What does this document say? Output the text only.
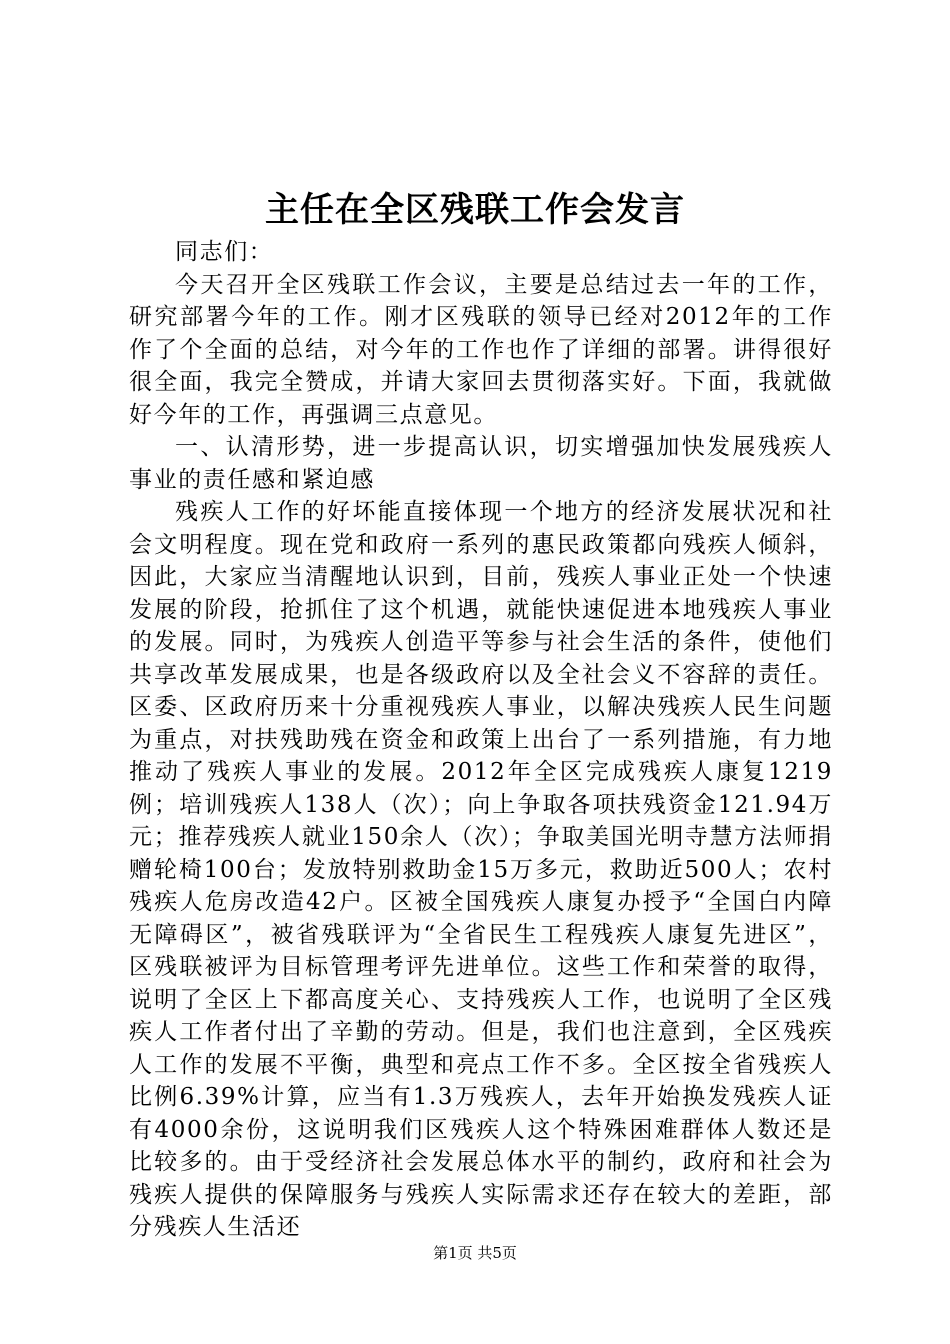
主任在全区残联工作会发言

同志们：

今天召开全区残联工作会议，主要是总结过去一年的工作，研究部署今年的工作。刚才区残联的领导已经对2012年的工作作了个全面的总结，对今年的工作也作了详细的部署。讲得很好很全面，我完全赞成，并请大家回去贯彻落实好。下面，我就做好今年的工作，再强调三点意见。

一、认清形势，进一步提高认识，切实增强加快发展残疾人事业的责任感和紧迫感

残疾人工作的好坏能直接体现一个地方的经济发展状况和社会文明程度。现在党和政府一系列的惠民政策都向残疾人倾斜，因此，大家应当清醒地认识到，目前，残疾人事业正处一个快速发展的阶段，抢抓住了这个机遇，就能快速促进本地残疾人事业的发展。同时，为残疾人创造平等参与社会生活的条件，使他们共享改革发展成果，也是各级政府以及全社会义不容辞的责任。区委、区政府历来十分重视残疾人事业，以解决残疾人民生问题为重点，对扶残助残在资金和政策上出台了一系列措施，有力地推动了残疾人事业的发展。2012年全区完成残疾人康复1219例；培训残疾人138人（次）；向上争取各项扶残资金121.94万元；推荐残疾人就业150余人（次）；争取美国光明寺慧方法师捐赠轮椅100台；发放特别救助金15万多元，救助近500人；农村残疾人危房改造42户。区被全国残疾人康复办授予“全国白内障无障碍区”，被省残联评为“全省民生工程残疾人康复先进区”，区残联被评为目标管理考评先进单位。这些工作和荣誉的取得，说明了全区上下都高度关心、支持残疾人工作，也说明了全区残疾人工作者付出了辛勤的劳动。但是，我们也注意到，全区残疾人工作的发展不平衡，典型和亮点工作不多。全区按全省残疾人比例6.39%计算，应当有1.3万残疾人，去年开始换发残疾人证有4000余份，这说明我们区残疾人这个特殊困难群体人数还是比较多的。由于受经济社会发展总体水平的制约，政府和社会为残疾人提供的保障服务与残疾人实际需求还存在较大的差距，部分残疾人生活还

第1页 共5页
